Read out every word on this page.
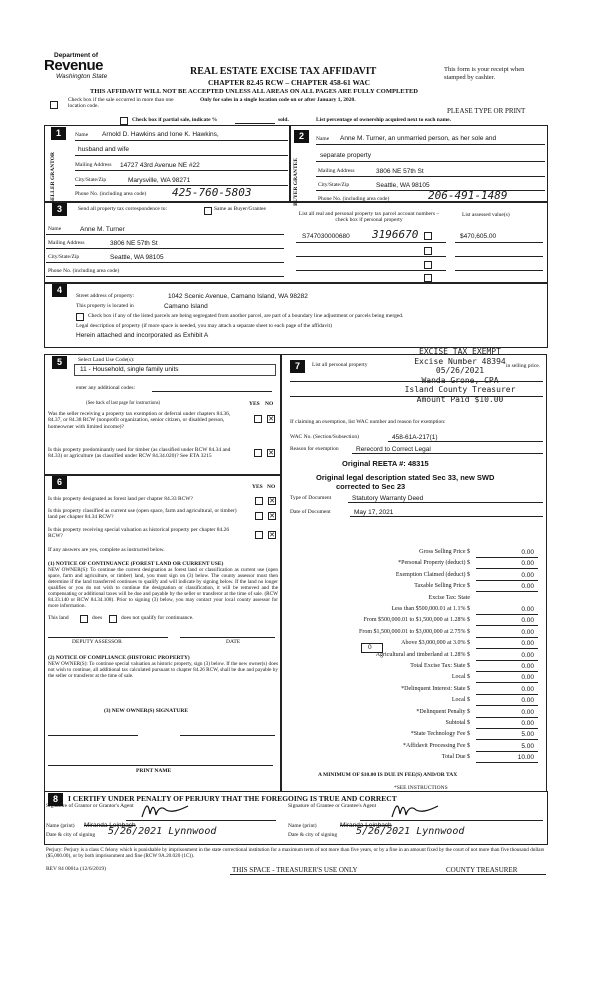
Department of
Revenue
Washington State	REAL ESTATE EXCISE TAX AFFIDAVIT
CHAPTER 82.45 RCW – CHAPTER 458-61 WAC
This form is your receipt when stamped by cashier.
THIS AFFIDAVIT WILL NOT BE ACCEPTED UNLESS ALL AREAS ON ALL PAGES ARE FULLY COMPLETED
Only for sales in a single location code on or after January 1, 2020.
Check box if the sale occurred in more than one location code.
PLEASE TYPE OR PRINT
Check box if partial sale, indicate %	sold.	List percentage of ownership acquired next to each name.
1
SELLER GRANTOR
Name Arnold D. Hawkins and Ione K. Hawkins,
husband and wife
Mailing Address 14727 43rd Avenue NE #22
City/State/Zip	Marysville, WA 98271
Phone No. (including area code) 425-760-5803
2
BUYER GRANTEE
Name Anne M. Turner, an unmarried person, as her sole and
separate property
Mailing Address	3806 NE 57th St
City/State/Zip	Seattle, WA 98105
Phone No. (including area code)	206-491-1489
3	Send all property tax correspondence to:	Same as Buyer/Grantee
Name	Anne M. Turner
Mailing Address	3806 NE 57th St
City/State/Zip	Seattle, WA 98105
Phone No. (including area code)
List all real and personal property tax parcel account numbers – check box if personal property
List assessed value(s)
S747030000680 3196670	$470,605.00
4
Street address of property:	1042 Scenic Avenue, Camano Island, WA 98282
This property is located in	Camano Island
Check box if any of the listed parcels are being segregated from another parcel, are part of a boundary line adjustment or parcels being merged.
Legal description of property (if more space is needed, you may attach a separate sheet to each page of the affidavit)
Herein attached and incorporated as Exhibit A
5	Select Land Use Code(s):
11 - Household, single family units
enter any additional codes:
(See back of last page for instructions)	YES NO
Was the seller receiving a property tax exemption or deferral under chapters 84.36, 84.37, or 84.38 RCW (nonprofit organization, senior citizen, or disabled person, homeowner with limited income)?
✕
Is this property predominantly used for timber (as classified under RCW 84.34 and 84.33) or agriculture (as classified under RCW 84.34.020)? See ETA 3215	✕
6	YES NO
Is this property designated as forest land per chapter 84.33 RCW?	✕
Is this property classified as current use (open space, farm and agricultural, or timber) land per chapter 84.34 RCW?	✕
Is this property receiving special valuation as historical property per chapter 84.26 RCW?	✕
If any answers are yes, complete as instructed below.
(1) NOTICE OF CONTINUANCE (FOREST LAND OR CURRENT USE)
NEW OWNER(S): To continue the current designation as forest land or classification as current use (open space, farm and agriculture, or timber) land, you must sign on (3) below. The county assessor must then determine if the land transferred continues to qualify and will indicate by signing below. If the land no longer qualifies or you do not wish to continue the designation or classification, it will be removed and the compensating or additional taxes will be due and payable by the seller or transferor at the time of sale. (RCW 84.33.140 or RCW 84.34.108). Prior to signing (3) below, you may contact your local county assessor for more information.
This land	does	does not qualify for continuance.
DEPUTY ASSESSOR	DATE
(2) NOTICE OF COMPLIANCE (HISTORIC PROPERTY)
NEW OWNER(S): To continue special valuation as historic property, sign (3) below. If the new owner(s) does not wish to continue, all additional tax calculated pursuant to chapter 84.26 RCW, shall be due and payable by the seller or transferor at the time of sale.
(3) NEW OWNER(S) SIGNATURE
PRINT NAME
7	List all personal property	in selling price.
EXCISE TAX EXEMPT
Excise Number 48394
05/26/2021
Wanda Grone, CPA
Island County Treasurer
Amount Paid $10.00
If claiming an exemption, list WAC number and reason for exemption:
WAC No. (Section/Subsection)	458-61A-217(1)
Reason for exemption	Rerecord to Correct Legal
Original REETA #: 48315
Original legal description stated Sec 33, new SWD
corrected to Sec 23
Type of Document	Statutory Warranty Deed
Date of Document	May 17, 2021
Gross Selling Price $	0.00
*Personal Property (deduct) $	0.00
Exemption Claimed (deduct) $	0.00
Taxable Selling Price $	0.00
Excise Tax: State
Less than $500,000.01 at 1.1% $	0.00
From $500,000.01 to $1,500,000 at 1.28% $	0.00
From $1,500,000.01 to $3,000,000 at 2.75% $	0.00
Above $3,000,000 at 3.0% $	0.00
Agricultural and timberland at 1.28% $	0.00
Total Excise Tax: State $	0.00
Local $	0.00
*Delinquent Interest: State $	0.00
Local $	0.00
*Delinquent Penalty $	0.00
Subtotal $	0.00
*State Technology Fee $	5.00
*Affidavit Processing Fee $	5.00
Total Due $	10.00
0
A MINIMUM OF $10.00 IS DUE IN FEE(S) AND/OR TAX
*SEE INSTRUCTIONS
8	I CERTIFY UNDER PENALTY OF PERJURY THAT THE FOREGOING IS TRUE AND CORRECT
Signature of Grantor or Grantor's Agent
Name (print) Miranda Leinbach
Date & city of signing 5/26/2021 Lynnwood
Signature of Grantee or Grantee's Agent
Name (print)	Miranda Leinbach
Date & city of signing 5/26/2021 Lynnwood
Perjury: Perjury is a class C felony which is punishable by imprisonment in the state correctional institution for a maximum term of not more than five years, or by a fine in an amount fixed by the court of not more than five thousand dollars ($5,000.00), or by both imprisonment and fine (RCW 9A.20.020 (1C)).
REV 84 0001a (12/6/2019)	THIS SPACE - TREASURER'S USE ONLY	COUNTY TREASURER
